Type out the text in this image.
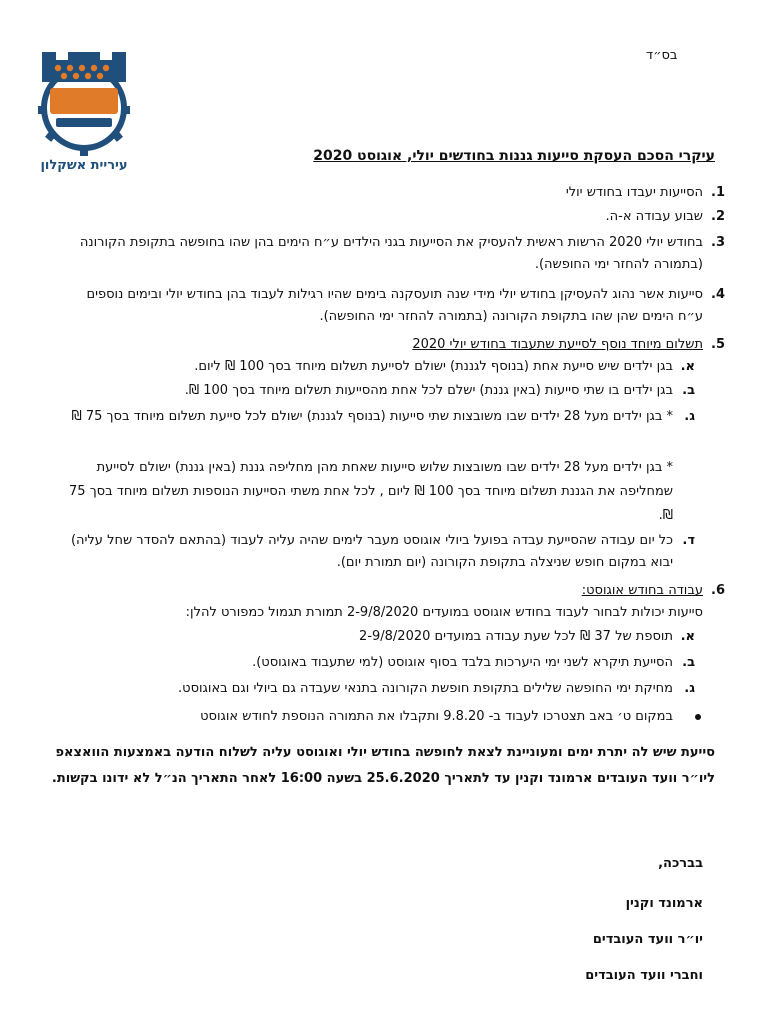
בס״ד
עיריית אשקלון
עיקרי הסכם העסקת סייעות גננות בחודשים יולי, אוגוסט 2020
1.
הסייעות יעבדו בחודש יולי
2.
שבוע עבודה א-ה.
3.
בחודש יולי 2020 הרשות ראשית להעסיק את הסייעות בגני הילדים ע״ח הימים בהן שהו בחופשה בתקופת הקורונה (בתמורה להחזר ימי החופשה).
4.
סייעות אשר נהוג להעסיקן בחודש יולי מידי שנה תועסקנה בימים שהיו רגילות לעבוד בהן בחודש יולי ובימים נוספים ע״ח הימים שהן שהו בתקופת הקורונה (בתמורה להחזר ימי החופשה).
5.
תשלום מיוחד נוסף לסייעת שתעבוד בחודש יולי 2020
א.
בגן ילדים שיש סייעת אחת (בנוסף לגננת) ישולם לסייעת תשלום מיוחד בסך 100 ₪ ליום.
ב.
בגן ילדים בו שתי סייעות (באין גננת) ישלם לכל אחת מהסייעות תשלום מיוחד בסך 100 ₪.
ג.
* בגן ילדים מעל 28 ילדים שבו משובצות שתי סייעות (בנוסף לגננת) ישולם לכל סייעת תשלום מיוחד בסך 75 ₪
* בגן ילדים מעל 28 ילדים שבו משובצות שלוש סייעות שאחת מהן מחליפה גננת (באין גננת) ישולם לסייעת שמחליפה את הגננת תשלום מיוחד בסך 100 ₪ ליום , לכל אחת משתי הסייעות הנוספות תשלום מיוחד בסך 75 ₪.
ד.
כל יום עבודה שהסייעת עבדה בפועל ביולי אוגוסט מעבר לימים שהיה עליה לעבוד (בהתאם להסדר שחל עליה) יבוא במקום חופש שניצלה בתקופת הקורונה (יום תמורת יום).
6.
עבודה בחודש אוגוסט:
סייעות יכולות לבחור לעבוד בחודש אוגוסט במועדים 2-9/8/2020 תמורת תגמול כמפורט להלן:
א.
תוספת של 37 ₪ לכל שעת עבודה במועדים 2-9/8/2020
ב.
הסייעת תיקרא לשני ימי היערכות בלבד בסוף אוגוסט (למי שתעבוד באוגוסט).
ג.
מחיקת ימי החופשה שלילים בתקופת חופשת הקורונה בתנאי שעבדה גם ביולי וגם באוגוסט.
במקום ט׳ באב תצטרכו לעבוד ב- 9.8.20 ותקבלו את התמורה הנוספת לחודש אוגוסט
סייעת שיש לה יתרת ימים ומעוניינת לצאת לחופשה בחודש יולי ואוגוסט עליה לשלוח הודעה באמצעות הוואצאפ ליו״ר וועד העובדים ארמונד וקנין עד לתאריך 25.6.2020 בשעה 16:00 לאחר התאריך הנ״ל לא ידונו בקשות.
בברכה,
ארמונד וקנין
יו״ר וועד העובדים
וחברי וועד העובדים
